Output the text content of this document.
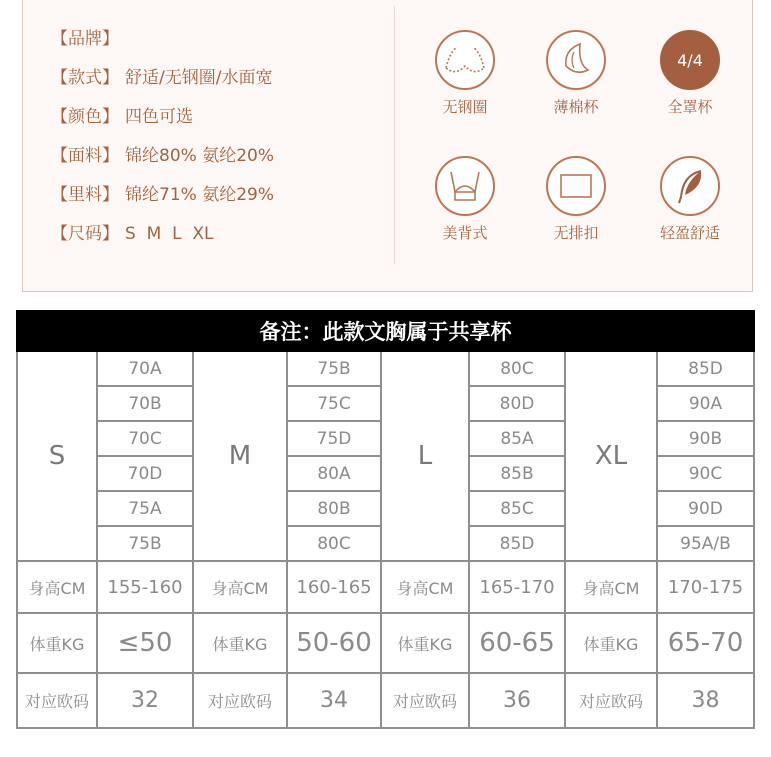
【品牌】
【款式】 舒适/无钢圈/水面宽
【颜色】 四色可选
【面料】 锦纶80% 氨纶20%
【里料】 锦纶71% 氨纶29%
【尺码】 S  M  L  XL
无钢圈	薄棉杯
4/4
全罩杯
美背式	无排扣	轻盈舒适
备注：此款文胸属于共享杯							
S	70A	M	75B	L	80C	XL	85D
	70B		75C		80D		90A
	70C		75D		85A		90B
	70D		80A		85B		90C
	75A		80B		85C		90D
	75B		80C		85D		95A/B
身高CM	155-160	身高CM	160-165	身高CM	165-170	身高CM	170-175
体重KG	≤50	体重KG	50-60	体重KG	60-65	体重KG	65-70
对应欧码	32	对应欧码	34	对应欧码	36	对应欧码	38
